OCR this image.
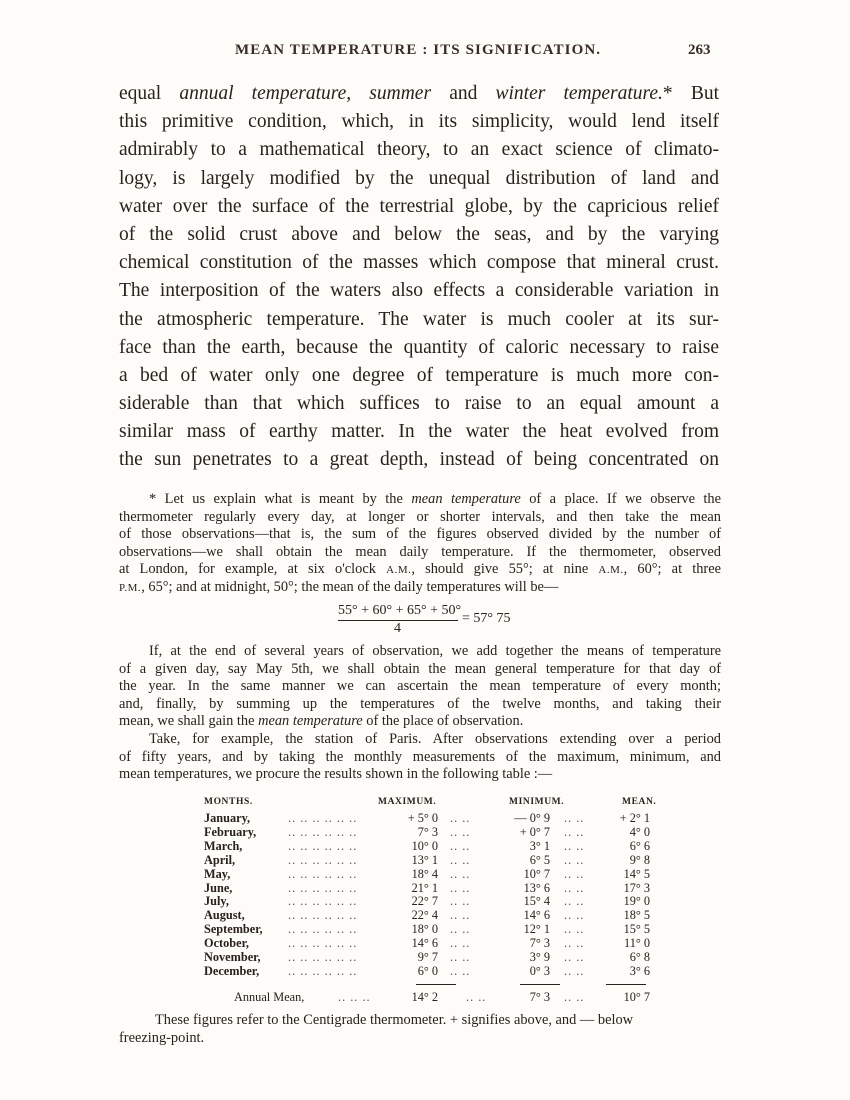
MEAN TEMPERATURE : ITS SIGNIFICATION.	263
equal annual temperature, summer and winter temperature.* But
this primitive condition, which, in its simplicity, would lend itself
admirably to a mathematical theory, to an exact science of climato-
logy, is largely modified by the unequal distribution of land and
water over the surface of the terrestrial globe, by the capricious relief
of the solid crust above and below the seas, and by the varying
chemical constitution of the masses which compose that mineral crust.
The interposition of the waters also effects a considerable variation in
the atmospheric temperature. The water is much cooler at its sur-
face than the earth, because the quantity of caloric necessary to raise
a bed of water only one degree of temperature is much more con-
siderable than that which suffices to raise to an equal amount a
similar mass of earthy matter. In the water the heat evolved from
the sun penetrates to a great depth, instead of being concentrated on
* Let us explain what is meant by the mean temperature of a place. If we observe the
thermometer regularly every day, at longer or shorter intervals, and then take the mean
of those observations—that is, the sum of the figures observed divided by the number of
observations—we shall obtain the mean daily temperature. If the thermometer, observed
at London, for example, at six o'clock A.M., should give 55°; at nine A.M., 60°; at three
P.M., 65°; and at midnight, 50°; the mean of the daily temperatures will be—
55° + 60° + 65° + 50°
4
= 57° 75
If, at the end of several years of observation, we add together the means of temperature
of a given day, say May 5th, we shall obtain the mean general temperature for that day of
the year. In the same manner we can ascertain the mean temperature of every month;
and, finally, by summing up the temperatures of the twelve months, and taking their
mean, we shall gain the mean temperature of the place of observation.
Take, for example, the station of Paris. After observations extending over a period
of fifty years, and by taking the monthly measurements of the maximum, minimum, and
mean temperatures, we procure the results shown in the following table :—
MONTHS.	MAXIMUM.	MINIMUM.	MEAN.
January,	.. .. .. .. .. ..	+ 5° 0 .. ..	— 0° 9 .. ..	+ 2° 1
February,	.. .. .. .. .. ..	7° 3 .. ..	+ 0° 7 .. ..	4° 0
March,	.. .. .. .. .. ..	10° 0 .. ..	3° 1 .. ..	6° 6
April,	.. .. .. .. .. ..	13° 1 .. ..	6° 5 .. ..	9° 8
May,	.. .. .. .. .. ..	18° 4 .. ..	10° 7 .. ..	14° 5
June,	.. .. .. .. .. ..	21° 1 .. ..	13° 6 .. ..	17° 3
July,	.. .. .. .. .. ..	22° 7 .. ..	15° 4 .. ..	19° 0
August,	.. .. .. .. .. ..	22° 4 .. ..	14° 6 .. ..	18° 5
September, .. .. .. .. .. ..	18° 0 .. ..	12° 1 .. ..	15° 5
October,	.. .. .. .. .. ..	14° 6 .. ..	7° 3 .. ..	11° 0
November, .. .. .. .. .. ..	9° 7 .. ..	3° 9 .. ..	6° 8
December, .. .. .. .. .. ..	6° 0 .. ..	0° 3 .. ..	3° 6
Annual Mean,	.. .. ..	14° 2 .. ..	7° 3 .. ..	10° 7
These figures refer to the Centigrade thermometer. + signifies above, and — below
freezing-point.
